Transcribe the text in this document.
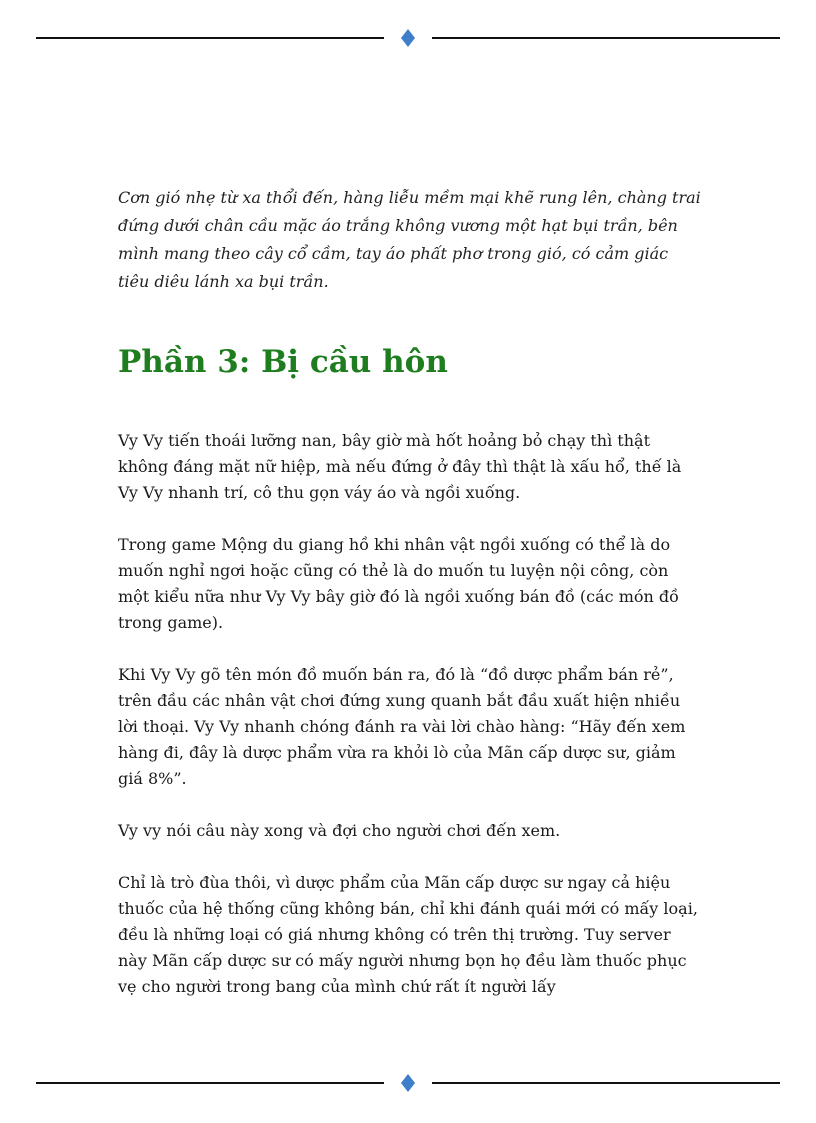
Cơn gió nhẹ từ xa thổi đến, hàng liễu mềm mại khẽ rung lên, chàng trai đứng dưới chân cầu mặc áo trắng không vương một hạt bụi trần, bên mình mang theo cây cổ cầm, tay áo phất phơ trong gió, có cảm giác tiêu diêu lánh xa bụi trần.

Phần 3: Bị cầu hôn

Vy Vy tiến thoái lưỡng nan, bây giờ mà hốt hoảng bỏ chạy thì thật không đáng mặt nữ hiệp, mà nếu đứng ở đây thì thật là xấu hổ, thế là Vy Vy nhanh trí, cô thu gọn váy áo và ngồi xuống.

Trong game Mộng du giang hồ khi nhân vật ngồi xuống có thể là do muốn nghỉ ngơi hoặc cũng có thẻ là do muốn tu luyện nội công, còn một kiểu nữa như Vy Vy bây giờ đó là ngồi xuống bán đồ (các món đồ trong game).

Khi Vy Vy gõ tên món đồ muốn bán ra, đó là “đồ dược phẩm bán rẻ”, trên đầu các nhân vật chơi đứng xung quanh bắt đầu xuất hiện nhiều lời thoại. Vy Vy nhanh chóng đánh ra vài lời chào hàng: “Hãy đến xem hàng đi, đây là dược phẩm vừa ra khỏi lò của Mãn cấp dược sư, giảm giá 8%”.

Vy vy nói câu này xong và đợi cho người chơi đến xem.

Chỉ là trò đùa thôi, vì dược phẩm của Mãn cấp dược sư ngay cả hiệu thuốc của hệ thống cũng không bán, chỉ khi đánh quái mới có mấy loại, đều là những loại có giá nhưng không có trên thị trường. Tuy server này Mãn cấp dược sư có mấy người nhưng bọn họ đều làm thuốc phục vẹ cho người trong bang của mình chứ rất ít người lấy
